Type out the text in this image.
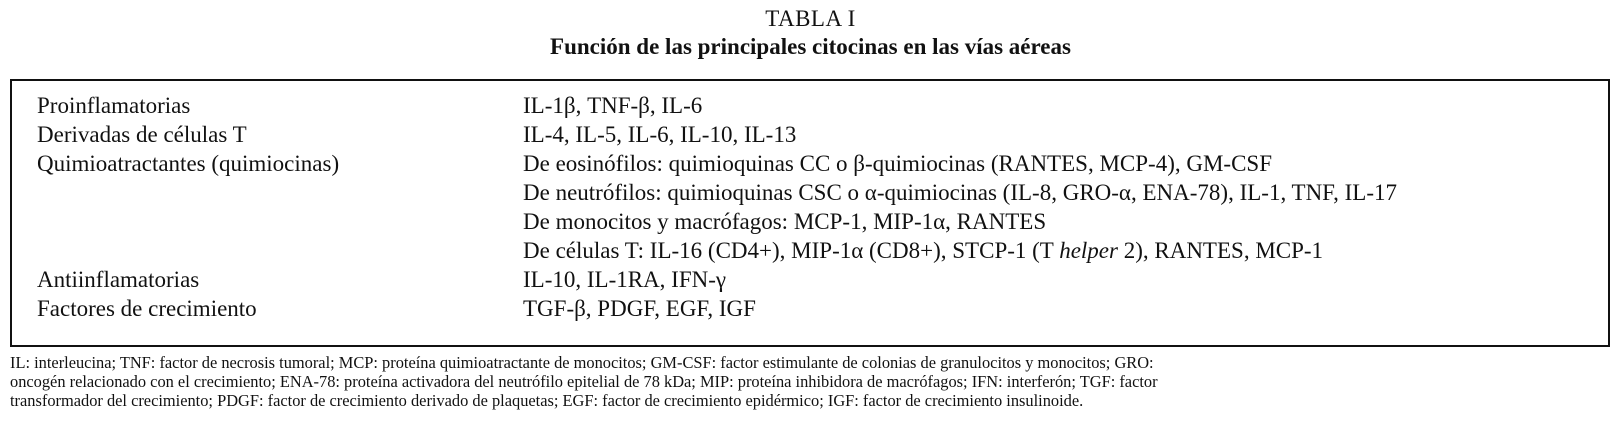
TABLA I
Función de las principales citocinas en las vías aéreas
Proinflamatorias	IL-1β, TNF-β, IL-6
Derivadas de células T	IL-4, IL-5, IL-6, IL-10, IL-13
Quimioatractantes (quimiocinas)	De eosinófilos: quimioquinas CC o β-quimiocinas (RANTES, MCP-4), GM-CSF
De neutrófilos: quimioquinas CSC o α-quimiocinas (IL-8, GRO-α, ENA-78), IL-1, TNF, IL-17
De monocitos y macrófagos: MCP-1, MIP-1α, RANTES
De células T: IL-16 (CD4+), MIP-1α (CD8+), STCP-1 (T helper 2), RANTES, MCP-1
Antiinflamatorias	IL-10, IL-1RA, IFN-γ
Factores de crecimiento	TGF-β, PDGF, EGF, IGF
IL: interleucina; TNF: factor de necrosis tumoral; MCP: proteína quimioatractante de monocitos; GM-CSF: factor estimulante de colonias de granulocitos y monocitos; GRO:
oncogén relacionado con el crecimiento; ENA-78: proteína activadora del neutrófilo epitelial de 78 kDa; MIP: proteína inhibidora de macrófagos; IFN: interferón; TGF: factor
transformador del crecimiento; PDGF: factor de crecimiento derivado de plaquetas; EGF: factor de crecimiento epidérmico; IGF: factor de crecimiento insulinoide.
